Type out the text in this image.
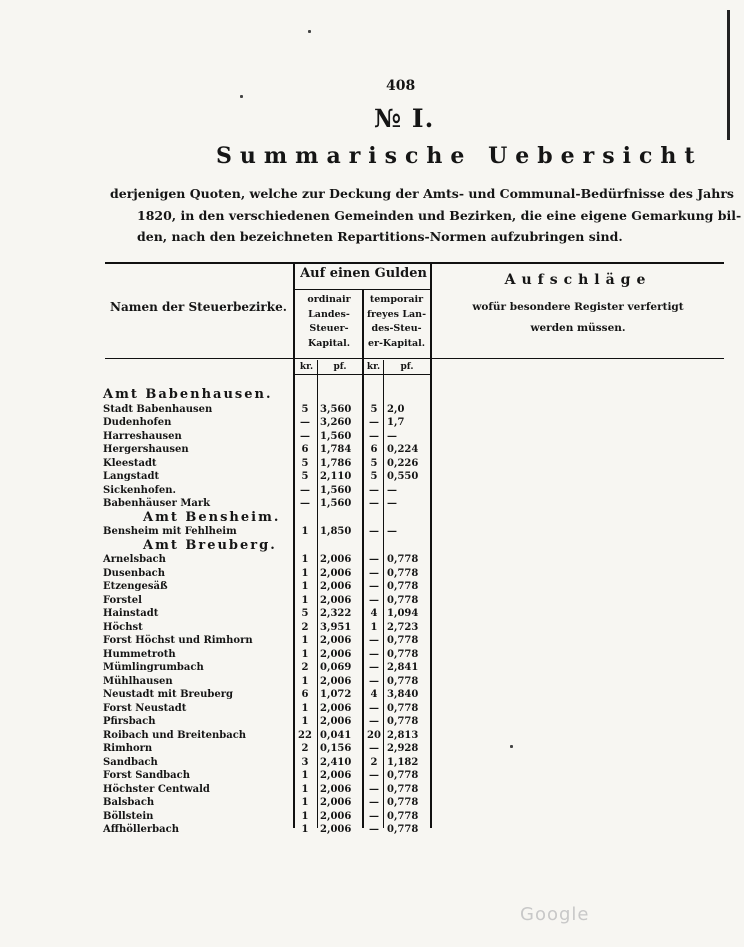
408
№ I.
Summarische Uebersicht
derjenigen Quoten, welche zur Deckung der Amts- und Communal-Bedürfnisse des Jahrs
1820, in den verschiedenen Gemeinden und Bezirken, die eine eigene Gemarkung bil-
den, nach den bezeichneten Repartitions-Normen aufzubringen sind.
Namen der Steuerbezirke.
Auf einen Gulden
ordinair
Landes-
Steuer-
Kapital.
temporair
freyes Lan-
des-Steu-
er-Kapital.
kr.	pf.	kr.	pf.
Aufschläge
wofür besondere Register verfertigt
werden müssen.
Amt Babenhausen.
Stadt Babenhausen	5	3,560	5 2,0
Dudenhofen	—	3,260	— 1,7
Harreshausen	—	1,560	— —
Hergershausen	6	1,784	6 0,224
Kleestadt	5	1,786	5 0,226
Langstadt	5	2,110	5 0,550
Sickenhofen.	—	1,560	— —
Babenhäuser Mark	—	1,560	— —
Amt Bensheim.
Bensheim mit Fehlheim	1	1,850	— —
Amt Breuberg.
Arnelsbach	1	2,006	— 0,778
Dusenbach	1	2,006	— 0,778
Etzengesäß	1	2,006	— 0,778
Forstel	1	2,006	— 0,778
Hainstadt	5	2,322	4 1,094
Höchst	2	3,951	1 2,723
Forst Höchst und Rimhorn	1	2,006	— 0,778
Hummetroth	1	2,006	— 0,778
Mümlingrumbach	2	0,069	— 2,841
Mühlhausen	1	2,006	— 0,778
Neustadt mit Breuberg	6	1,072	4 3,840
Forst Neustadt	1	2,006	— 0,778
Pfirsbach	1	2,006	— 0,778
Roibach und Breitenbach	22 0,041	20 2,813
Rimhorn	2	0,156	— 2,928
Sandbach	3	2,410	2 1,182
Forst Sandbach	1	2,006	— 0,778
Höchster Centwald	1	2,006	— 0,778
Balsbach	1	2,006	— 0,778
Böllstein	1	2,006	— 0,778
Affhöllerbach	1	2,006	— 0,778
Google
